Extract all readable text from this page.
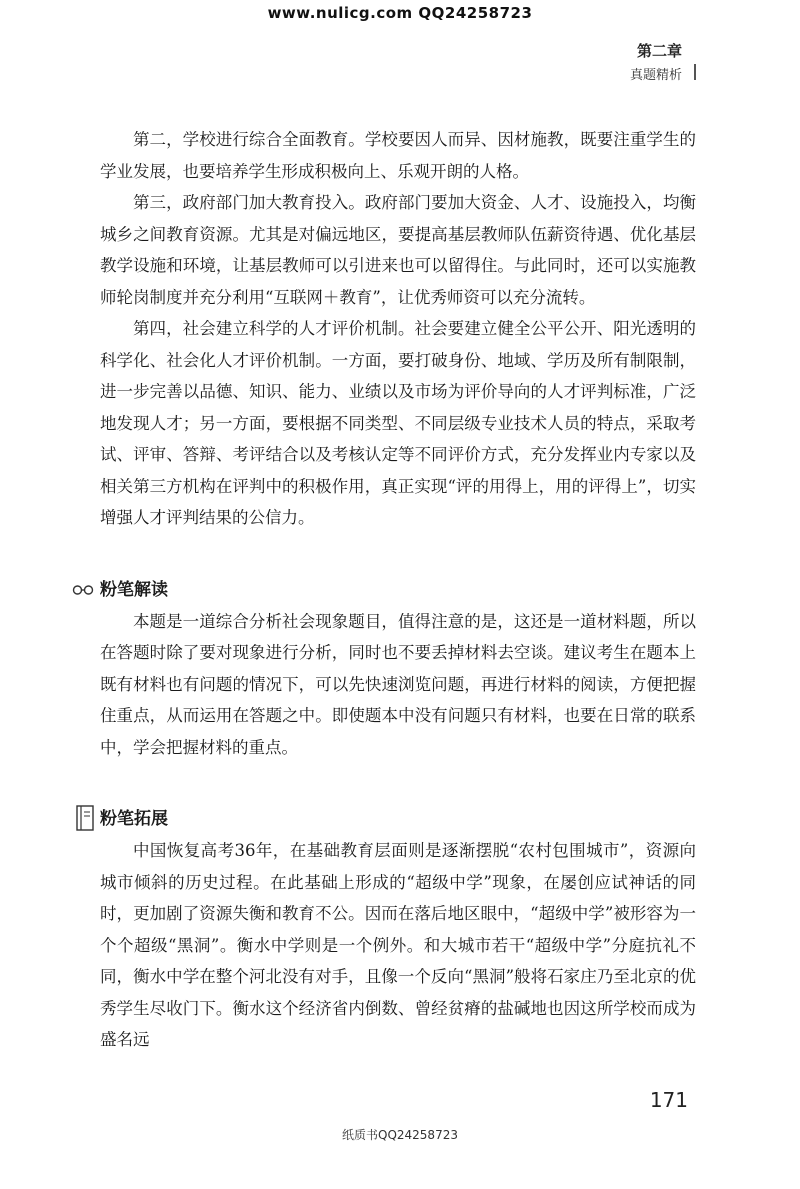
www.nulicg.com QQ24258723
第二章
真题精析

第二，学校进行综合全面教育。学校要因人而异、因材施教，既要注重学生的学业发展，也要培养学生形成积极向上、乐观开朗的人格。

第三，政府部门加大教育投入。政府部门要加大资金、人才、设施投入，均衡城乡之间教育资源。尤其是对偏远地区，要提高基层教师队伍薪资待遇、优化基层教学设施和环境，让基层教师可以引进来也可以留得住。与此同时，还可以实施教师轮岗制度并充分利用“互联网＋教育”，让优秀师资可以充分流转。

第四，社会建立科学的人才评价机制。社会要建立健全公平公开、阳光透明的科学化、社会化人才评价机制。一方面，要打破身份、地域、学历及所有制限制，进一步完善以品德、知识、能力、业绩以及市场为评价导向的人才评判标准，广泛地发现人才；另一方面，要根据不同类型、不同层级专业技术人员的特点，采取考试、评审、答辩、考评结合以及考核认定等不同评价方式，充分发挥业内专家以及相关第三方机构在评判中的积极作用，真正实现“评的用得上，用的评得上”，切实增强人才评判结果的公信力。

粉笔解读

本题是一道综合分析社会现象题目，值得注意的是，这还是一道材料题，所以在答题时除了要对现象进行分析，同时也不要丢掉材料去空谈。建议考生在题本上既有材料也有问题的情况下，可以先快速浏览问题，再进行材料的阅读，方便把握住重点，从而运用在答题之中。即使题本中没有问题只有材料，也要在日常的联系中，学会把握材料的重点。

粉笔拓展

中国恢复高考36年，在基础教育层面则是逐渐摆脱“农村包围城市”，资源向城市倾斜的历史过程。在此基础上形成的“超级中学”现象，在屡创应试神话的同时，更加剧了资源失衡和教育不公。因而在落后地区眼中，“超级中学”被形容为一个个超级“黑洞”。衡水中学则是一个例外。和大城市若干“超级中学”分庭抗礼不同，衡水中学在整个河北没有对手，且像一个反向“黑洞”般将石家庄乃至北京的优秀学生尽收门下。衡水这个经济省内倒数、曾经贫瘠的盐碱地也因这所学校而成为盛名远

171
纸质书QQ24258723
